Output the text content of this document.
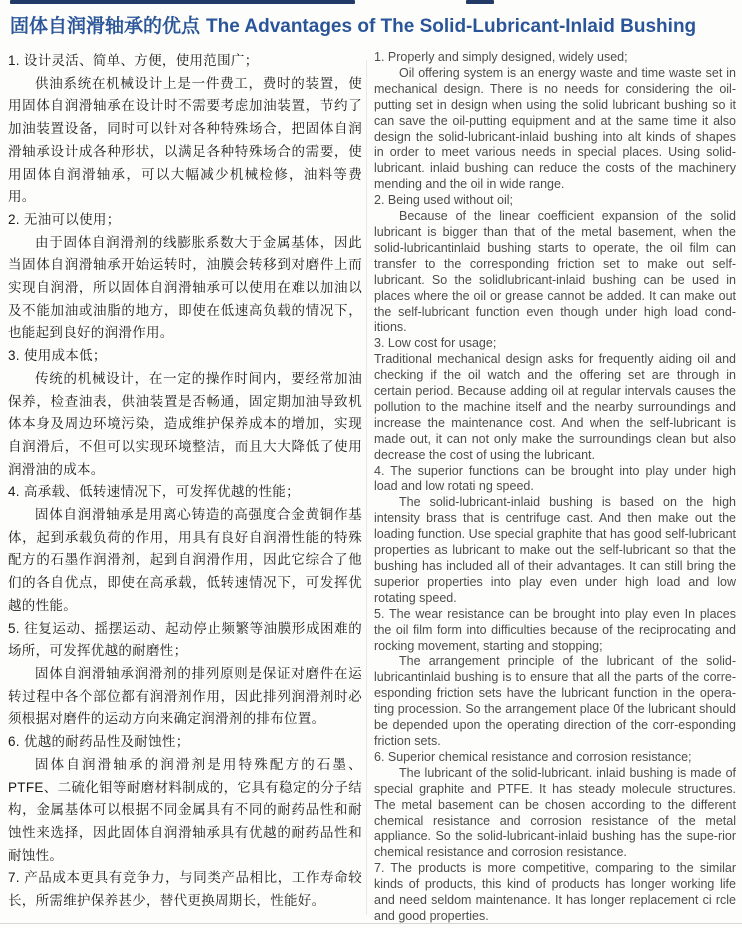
固体自润滑轴承的优点 The Advantages of The Solid-Lubricant-Inlaid Bushing

1. 设计灵活、简单、方便，使用范围广；

供油系统在机械设计上是一件费工，费时的装置，使用固体自润滑轴承在设计时不需要考虑加油装置，节约了加油装置设备，同时可以针对各种特殊场合，把固体自润滑轴承设计成各种形状，以满足各种特殊场合的需要，使用固体自润滑轴承，可以大幅减少机械检修，油料等费用。

2. 无油可以使用；

由于固体自润滑剂的线膨胀系数大于金属基体，因此当固体自润滑轴承开始运转时，油膜会转移到对磨件上而实现自润滑，所以固体自润滑轴承可以使用在难以加油以及不能加油或油脂的地方，即使在低速高负载的情况下，也能起到良好的润滑作用。

3. 使用成本低；

传统的机械设计，在一定的操作时间内，要经常加油保养，检查油表，供油装置是否畅通，固定期加油导致机体本身及周边环境污染，造成维护保养成本的增加，实现自润滑后，不但可以实现环境整洁，而且大大降低了使用润滑油的成本。

4. 高承载、低转速情况下，可发挥优越的性能；

固体自润滑轴承是用离心铸造的高强度合金黄铜作基体，起到承载负荷的作用，用具有良好自润滑性能的特殊配方的石墨作润滑剂，起到自润滑作用，因此它综合了他们的各自优点，即使在高承载，低转速情况下，可发挥优越的性能。

5. 往复运动、摇摆运动、起动停止频繁等油膜形成困难的场所，可发挥优越的耐磨性；

固体自润滑轴承润滑剂的排列原则是保证对磨件在运转过程中各个部位都有润滑剂作用，因此排列润滑剂时必须根据对磨件的运动方向来确定润滑剂的排布位置。

6. 优越的耐药品性及耐蚀性；

固体自润滑轴承的润滑剂是用特殊配方的石墨、PTFE、二硫化钼等耐磨材料制成的，它具有稳定的分子结构，金属基体可以根据不同金属具有不同的耐药品性和耐蚀性来选择，因此固体自润滑轴承具有优越的耐药品性和耐蚀性。

7. 产品成本更具有竞争力，与同类产品相比，工作寿命较长，所需维护保养甚少，替代更换周期长，性能好。

1. Properly and simply designed, widely used;

Oil offering system is an energy waste and time waste set in mechanical design. There is no needs for considering the oil-putting set in design when using the solid lubricant bushing so it can save the oil-putting equipment and at the same time it also design the solid-lubricant-inlaid bushing into alt kinds of shapes in order to meet various needs in special places. Using solid-lubricant. inlaid bushing can reduce the costs of the machinery mending and the oil in wide range.

2. Being used without oil;

Because of the linear coefficient expansion of the solid lubricant is bigger than that of the metal basement, when the solid-lubricantinlaid bushing starts to operate, the oil film can transfer to the corresponding friction set to make out self-lubricant. So the solidlubricant-inlaid bushing can be used in places where the oil or grease cannot be added. It can make out the self-lubricant function even though under high load cond-itions.

3. Low cost for usage;

Traditional mechanical design asks for frequently aiding oil and checking if the oil watch and the offering set are through in certain period. Because adding oil at regular intervals causes the pollution to the machine itself and the nearby surroundings and increase the maintenance cost. And when the self-lubricant is made out, it can not only make the surroundings clean but also decrease the cost of using the lubricant.

4. The superior functions can be brought into play under high load and low rotati ng speed.

The solid-lubricant-inlaid bushing is based on the high intensity brass that is centrifuge cast. And then make out the loading function. Use special graphite that has good self-lubricant properties as lubricant to make out the self-lubricant so that the bushing has included all of their advantages. It can still bring the superior properties into play even under high load and low rotating speed.

5. The wear resistance can be brought into play even In places the oil film form into difficulties because of the reciprocating and rocking movement, starting and stopping;

The arrangement principle of the lubricant of the solid-lubricantinlaid bushing is to ensure that all the parts of the corre-esponding friction sets have the lubricant function in the opera-ting procession. So the arrangement place 0f the lubricant should be depended upon the operating direction of the corr-esponding friction sets.

6. Superior chemical resistance and corrosion resistance;

The lubricant of the solid-lubricant. inlaid bushing is made of special graphite and PTFE. It has steady molecule structures. The metal basement can be chosen according to the different chemical resistance and corrosion resistance of the metal appliance. So the solid-lubricant-inlaid bushing has the supe-rior chemical resistance and corrosion resistance.

7. The products is more competitive, comparing to the similar kinds of products, this kind of products has longer working life and need seldom maintenance. It has longer replacement ci rcle and good properties.
